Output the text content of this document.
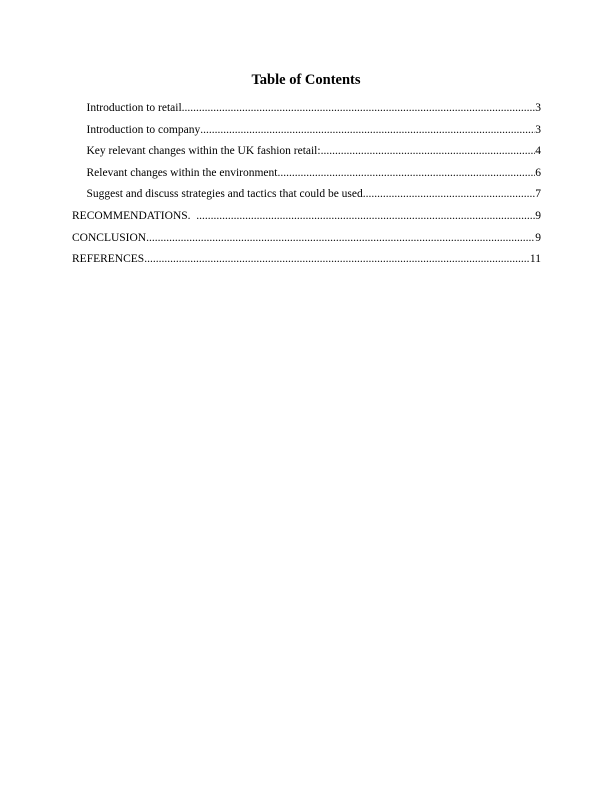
Table of Contents
Introduction to retail .....	3
Introduction to company .....	3
Key relevant changes within the UK fashion retail: .....	4
Relevant changes within the environment .....	6
Suggest and discuss strategies and tactics that could be used .....	7
RECOMMENDATIONS. .....	9
CONCLUSION .....	9
REFERENCES .....	11
